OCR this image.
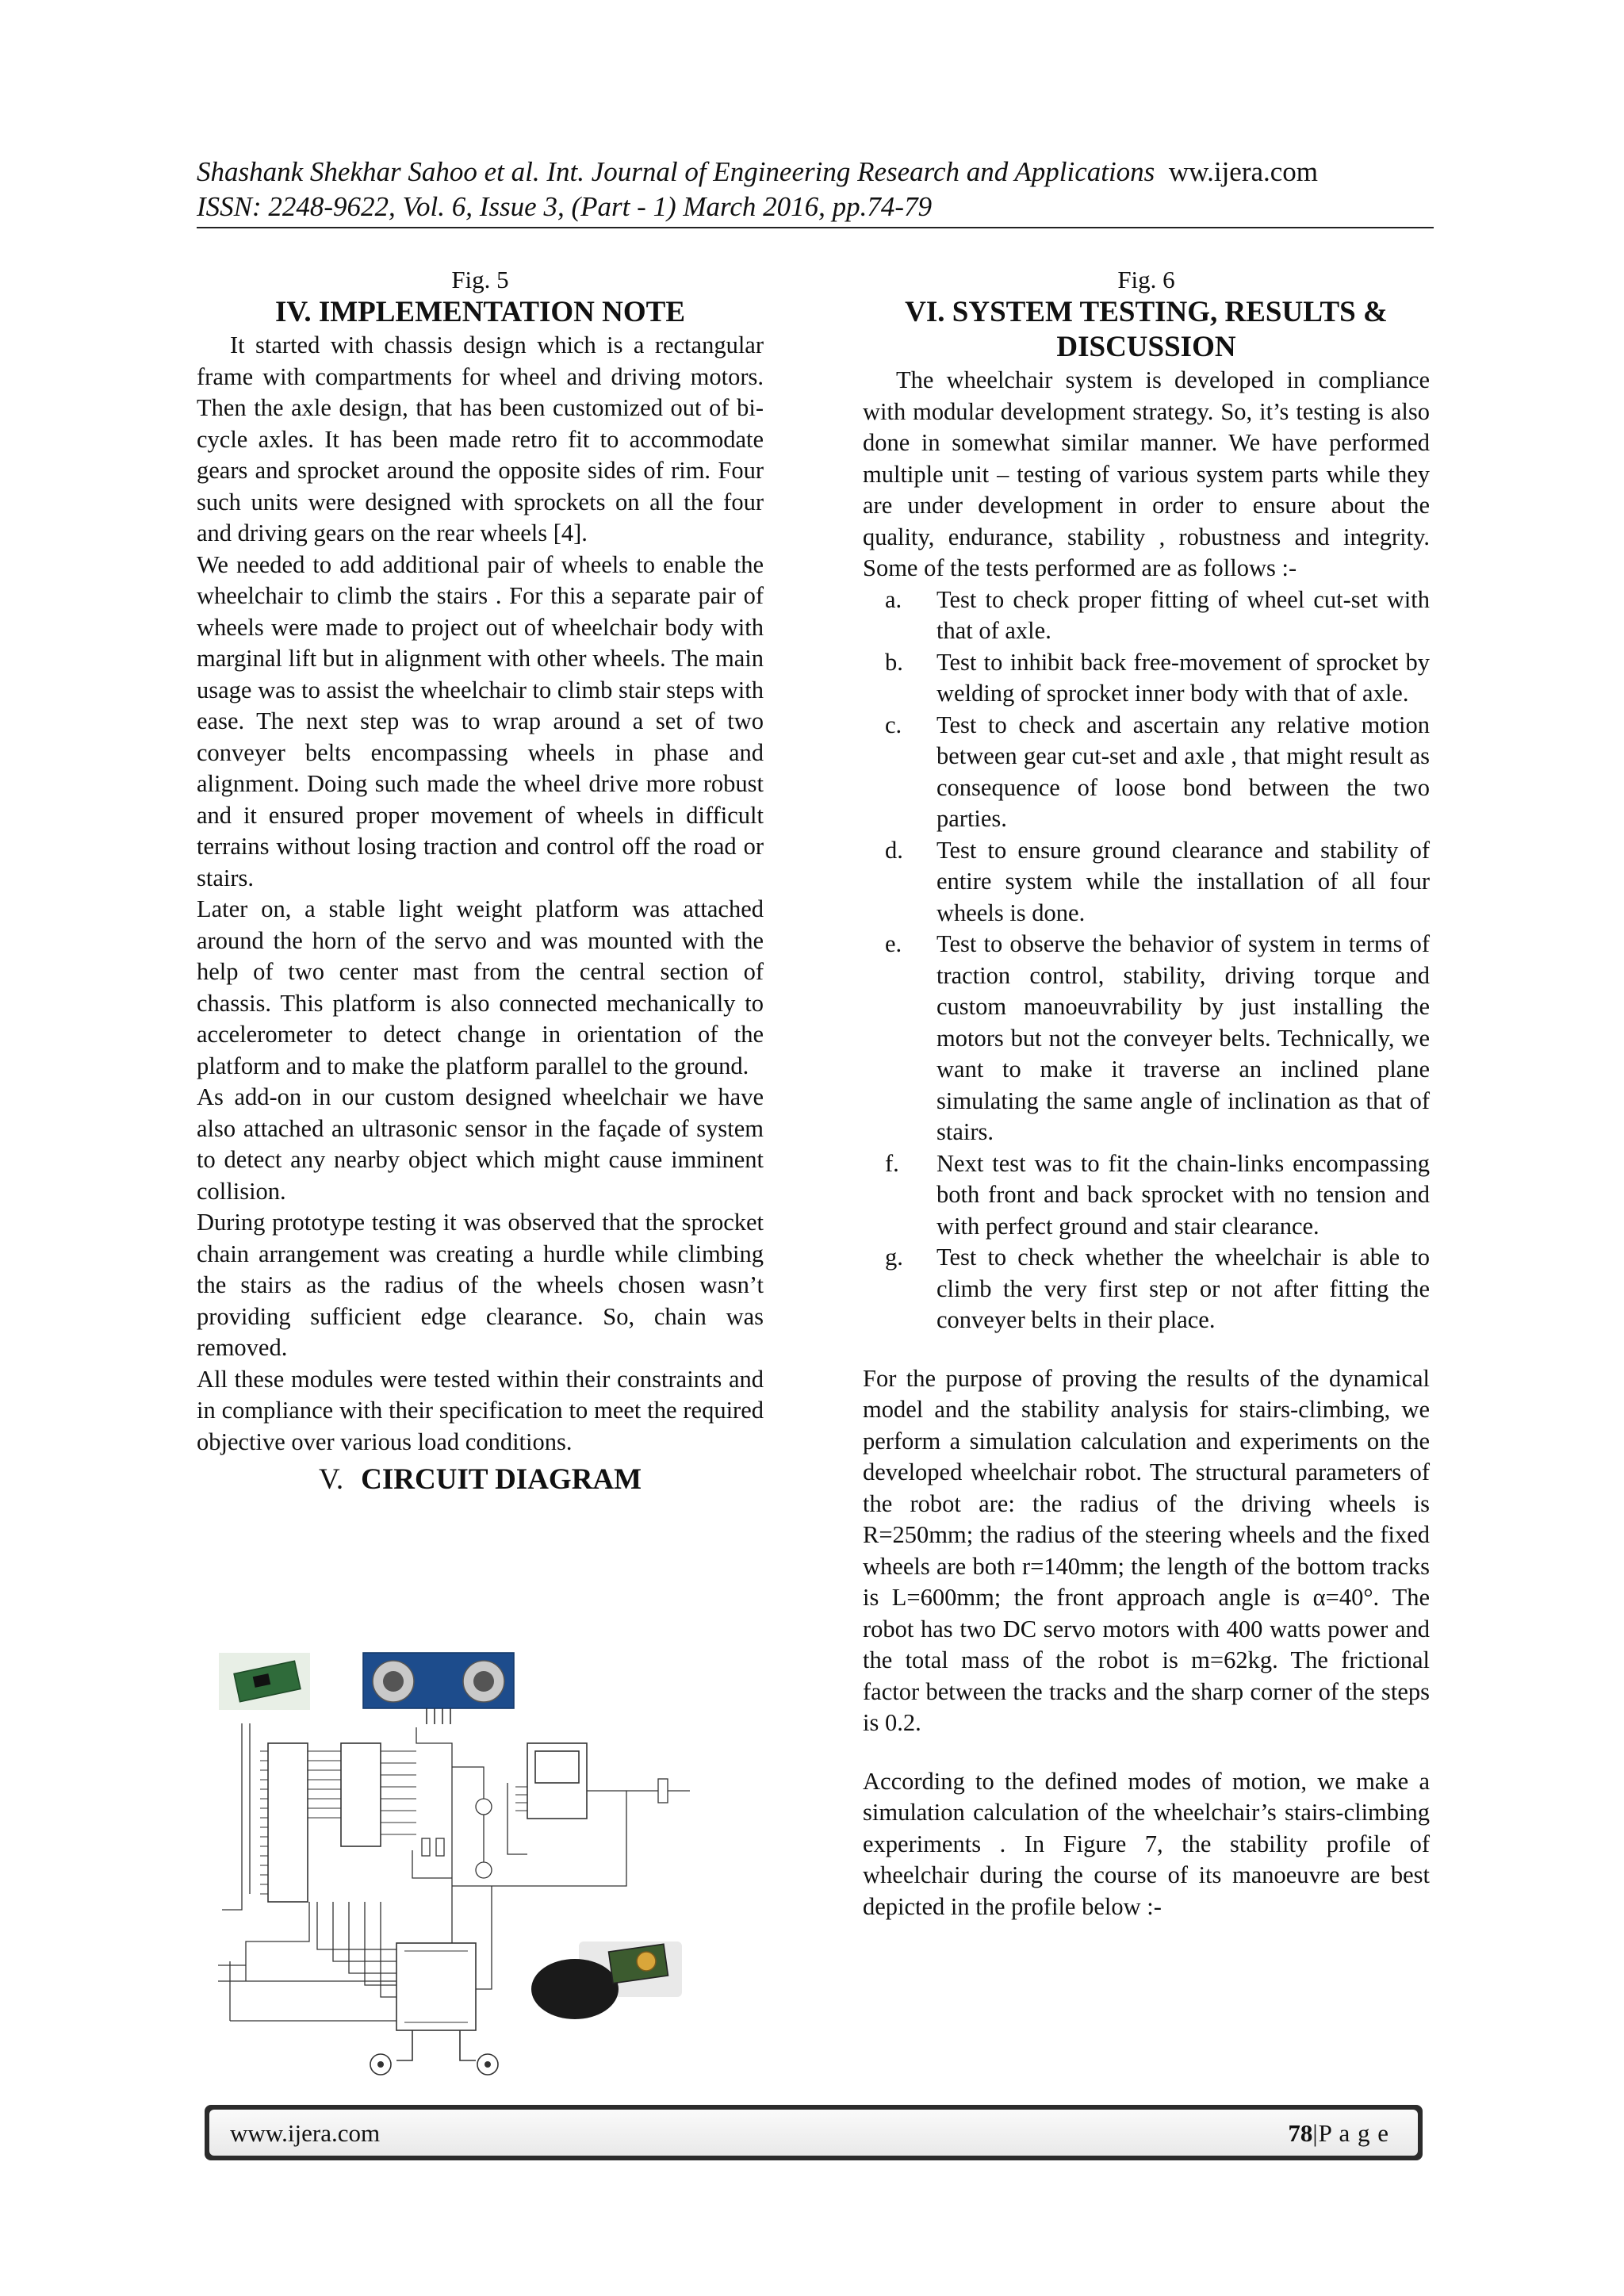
Shashank Shekhar Sahoo et al. Int. Journal of Engineering Research and Applications ww.ijera.com
ISSN: 2248-9622, Vol. 6, Issue 3, (Part - 1) March 2016, pp.74-79
Fig. 5
IV. IMPLEMENTATION NOTE

It started with chassis design which is a rectangular frame with compartments for wheel and driving motors. Then the axle design, that has been customized out of bi-cycle axles. It has been made retro fit to accommodate gears and sprocket around the opposite sides of rim. Four such units were designed with sprockets on all the four and driving gears on the rear wheels [4].

We needed to add additional pair of wheels to enable the wheelchair to climb the stairs . For this a separate pair of wheels were made to project out of wheelchair body with marginal lift but in alignment with other wheels. The main usage was to assist the wheelchair to climb stair steps with ease. The next step was to wrap around a set of two conveyer belts encompassing wheels in phase and alignment. Doing such made the wheel drive more robust and it ensured proper movement of wheels in difficult terrains without losing traction and control off the road or stairs.

Later on, a stable light weight platform was attached around the horn of the servo and was mounted with the help of two center mast from the central section of chassis. This platform is also connected mechanically to accelerometer to detect change in orientation of the platform and to make the platform parallel to the ground.

As add-on in our custom designed wheelchair we have also attached an ultrasonic sensor in the façade of system to detect any nearby object which might cause imminent collision.

During prototype testing it was observed that the sprocket chain arrangement was creating a hurdle while climbing the stairs as the radius of the wheels chosen wasn’t providing sufficient edge clearance. So, chain was removed.

All these modules were tested within their constraints and in compliance with their specification to meet the required objective over various load conditions.

V. CIRCUIT DIAGRAM
Fig. 6
VI. SYSTEM TESTING, RESULTS &
DISCUSSION

The wheelchair system is developed in compliance with modular development strategy. So, it’s testing is also done in somewhat similar manner. We have performed multiple unit – testing of various system parts while they are under development in order to ensure about the quality, endurance, stability , robustness and integrity. Some of the tests performed are as follows :-

a. Test to check proper fitting of wheel cut-set with that of axle.
b. Test to inhibit back free-movement of sprocket by welding of sprocket inner body with that of axle.
c. Test to check and ascertain any relative motion between gear cut-set and axle , that might result as consequence of loose bond between the two parties.
d. Test to ensure ground clearance and stability of entire system while the installation of all four wheels is done.
e. Test to observe the behavior of system in terms of traction control, stability, driving torque and custom manoeuvrability by just installing the motors but not the conveyer belts. Technically, we want to make it traverse an inclined plane simulating the same angle of inclination as that of stairs.
f. Next test was to fit the chain-links encompassing both front and back sprocket with no tension and with perfect ground and stair clearance.
g. Test to check whether the wheelchair is able to climb the very first step or not after fitting the conveyer belts in their place.

For the purpose of proving the results of the dynamical model and the stability analysis for stairs-climbing, we perform a simulation calculation and experiments on the developed wheelchair robot. The structural parameters of the robot are: the radius of the driving wheels is R=250mm; the radius of the steering wheels and the fixed wheels are both r=140mm; the length of the bottom tracks is L=600mm; the front approach angle is α=40°. The robot has two DC servo motors with 400 watts power and the total mass of the robot is m=62kg. The frictional factor between the tracks and the sharp corner of the steps is 0.2.

According to the defined modes of motion, we make a simulation calculation of the wheelchair’s stairs-climbing experiments . In Figure 7, the stability profile of wheelchair during the course of its manoeuvre are best depicted in the profile below :-

www.ijera.com	78|P a g e
